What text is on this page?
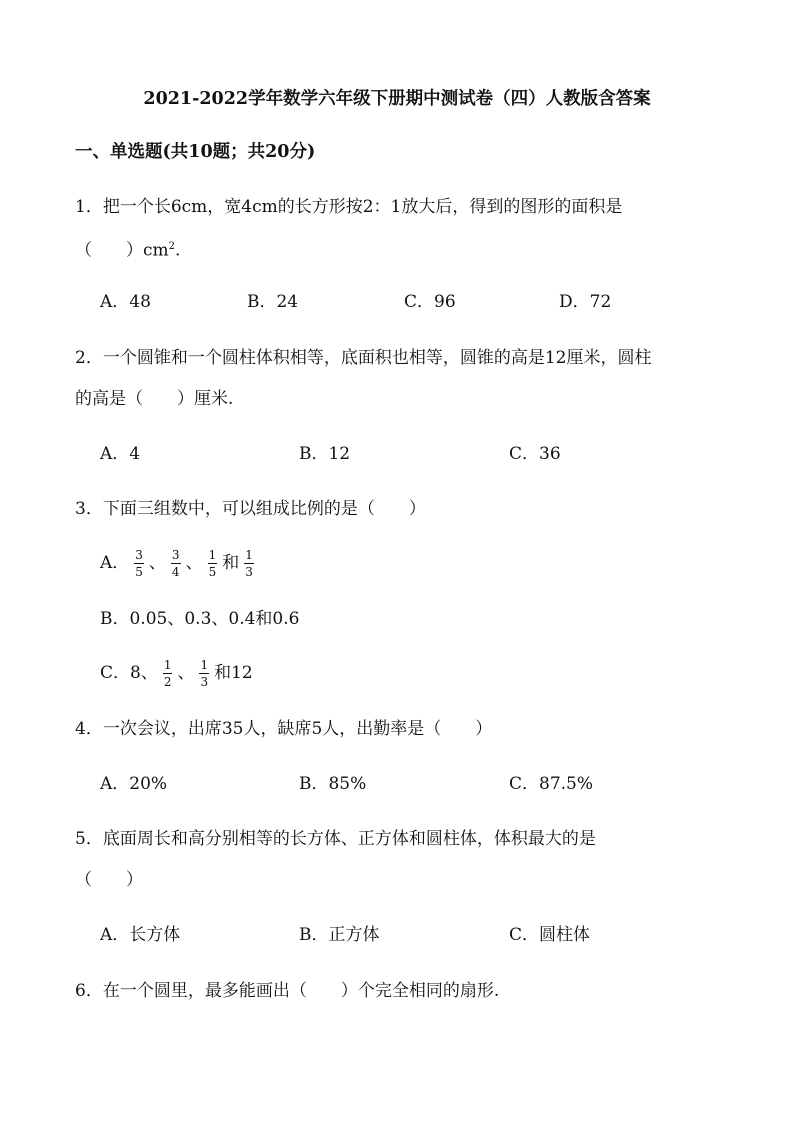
2021-2022学年数学六年级下册期中测试卷（四）人教版含答案
一、单选题(共10题；共20分)
1．把一个长6cm，宽4cm的长方形按2：1放大后，得到的图形的面积是
（　　）$cm^2$.
A．48	B．24	C．96	D．72
2．一个圆锥和一个圆柱体积相等，底面积也相等，圆锥的高是12厘米，圆柱
的高是（　　）厘米.
A．4	B．12	C．36
3．下面三组数中，可以组成比例的是（　　）
A． $\frac{3}{5}$ 、 $\frac{3}{4}$ 、 $\frac{1}{5}$ 和 $\frac{1}{3}$
B．0.05、0.3、0.4和0.6
C．8、 $\frac{1}{2}$ 、 $\frac{1}{3}$ 和12
4．一次会议，出席35人，缺席5人，出勤率是（　　）
A．20%	B．85%	C．87.5%
5．底面周长和高分别相等的长方体、正方体和圆柱体，体积最大的是
（　　）
A．长方体	B．正方体	C．圆柱体
6．在一个圆里，最多能画出（　　）个完全相同的扇形.
